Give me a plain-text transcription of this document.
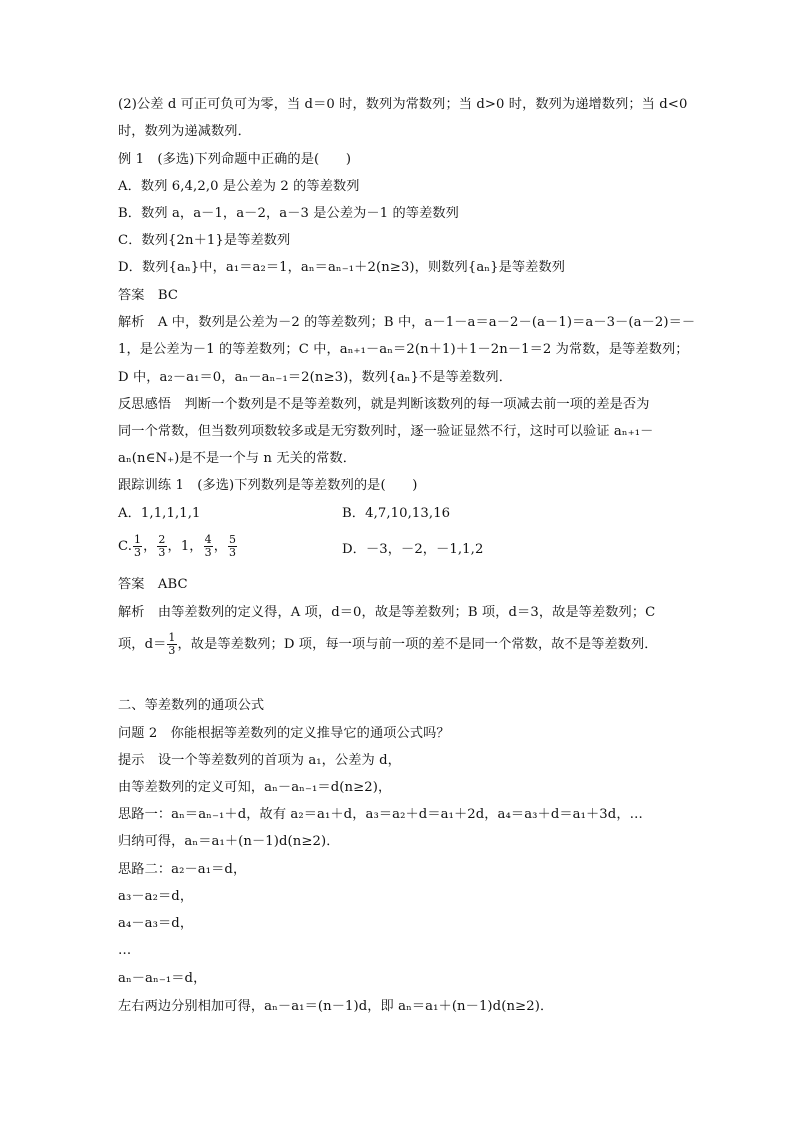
(2)公差 d 可正可负可为零，当 d＝0 时，数列为常数列；当 d>0 时，数列为递增数列；当 d<0
时，数列为递减数列．
例 1　(多选)下列命题中正确的是(　　)
A．数列 6,4,2,0 是公差为 2 的等差数列
B．数列 a，a－1，a－2，a－3 是公差为－1 的等差数列
C．数列{2n＋1}是等差数列
D．数列{aₙ}中，a₁＝a₂＝1，aₙ＝aₙ₋₁＋2(n≥3)，则数列{aₙ}是等差数列
答案　BC
解析　A 中，数列是公差为－2 的等差数列；B 中，a－1－a＝a－2－(a－1)＝a－3－(a－2)＝－
1，是公差为－1 的等差数列；C 中，aₙ₊₁－aₙ＝2(n＋1)＋1－2n－1＝2 为常数，是等差数列；
D 中，a₂－a₁＝0，aₙ－aₙ₋₁＝2(n≥3)，数列{aₙ}不是等差数列．
反思感悟　判断一个数列是不是等差数列，就是判断该数列的每一项减去前一项的差是否为
同一个常数，但当数列项数较多或是无穷数列时，逐一验证显然不行，这时可以验证 aₙ₊₁－
aₙ(n∈N₊)是不是一个与 n 无关的常数．
跟踪训练 1　(多选)下列数列是等差数列的是(　　)
A．1,1,1,1,1	B．4,7,10,13,16
C. $\frac{1}{3}$ ， $\frac{2}{3}$ ，1， $\frac{4}{3}$ ， $\frac{5}{3}$	D．－3，－2，－1,1,2
答案　ABC
解析　由等差数列的定义得，A 项，d＝0，故是等差数列；B 项，d＝3，故是等差数列；C
项，$d= \frac{1}{3}$ ，故是等差数列；D 项，每一项与前一项的差不是同一个常数，故不是等差数列．
二、等差数列的通项公式
问题 2　你能根据等差数列的定义推导它的通项公式吗？
提示　设一个等差数列的首项为 a₁，公差为 d，
由等差数列的定义可知，aₙ－aₙ₋₁＝d(n≥2)，
思路一：aₙ＝aₙ₋₁＋d，故有 a₂＝a₁＋d，a₃＝a₂＋d＝a₁＋2d，a₄＝a₃＋d＝a₁＋3d，…
归纳可得，aₙ＝a₁＋(n－1)d(n≥2)．
思路二：a₂－a₁＝d，
a₃－a₂＝d，
a₄－a₃＝d，
…
aₙ－aₙ₋₁＝d，
左右两边分别相加可得，aₙ－a₁＝(n－1)d，即 aₙ＝a₁＋(n－1)d(n≥2)．
